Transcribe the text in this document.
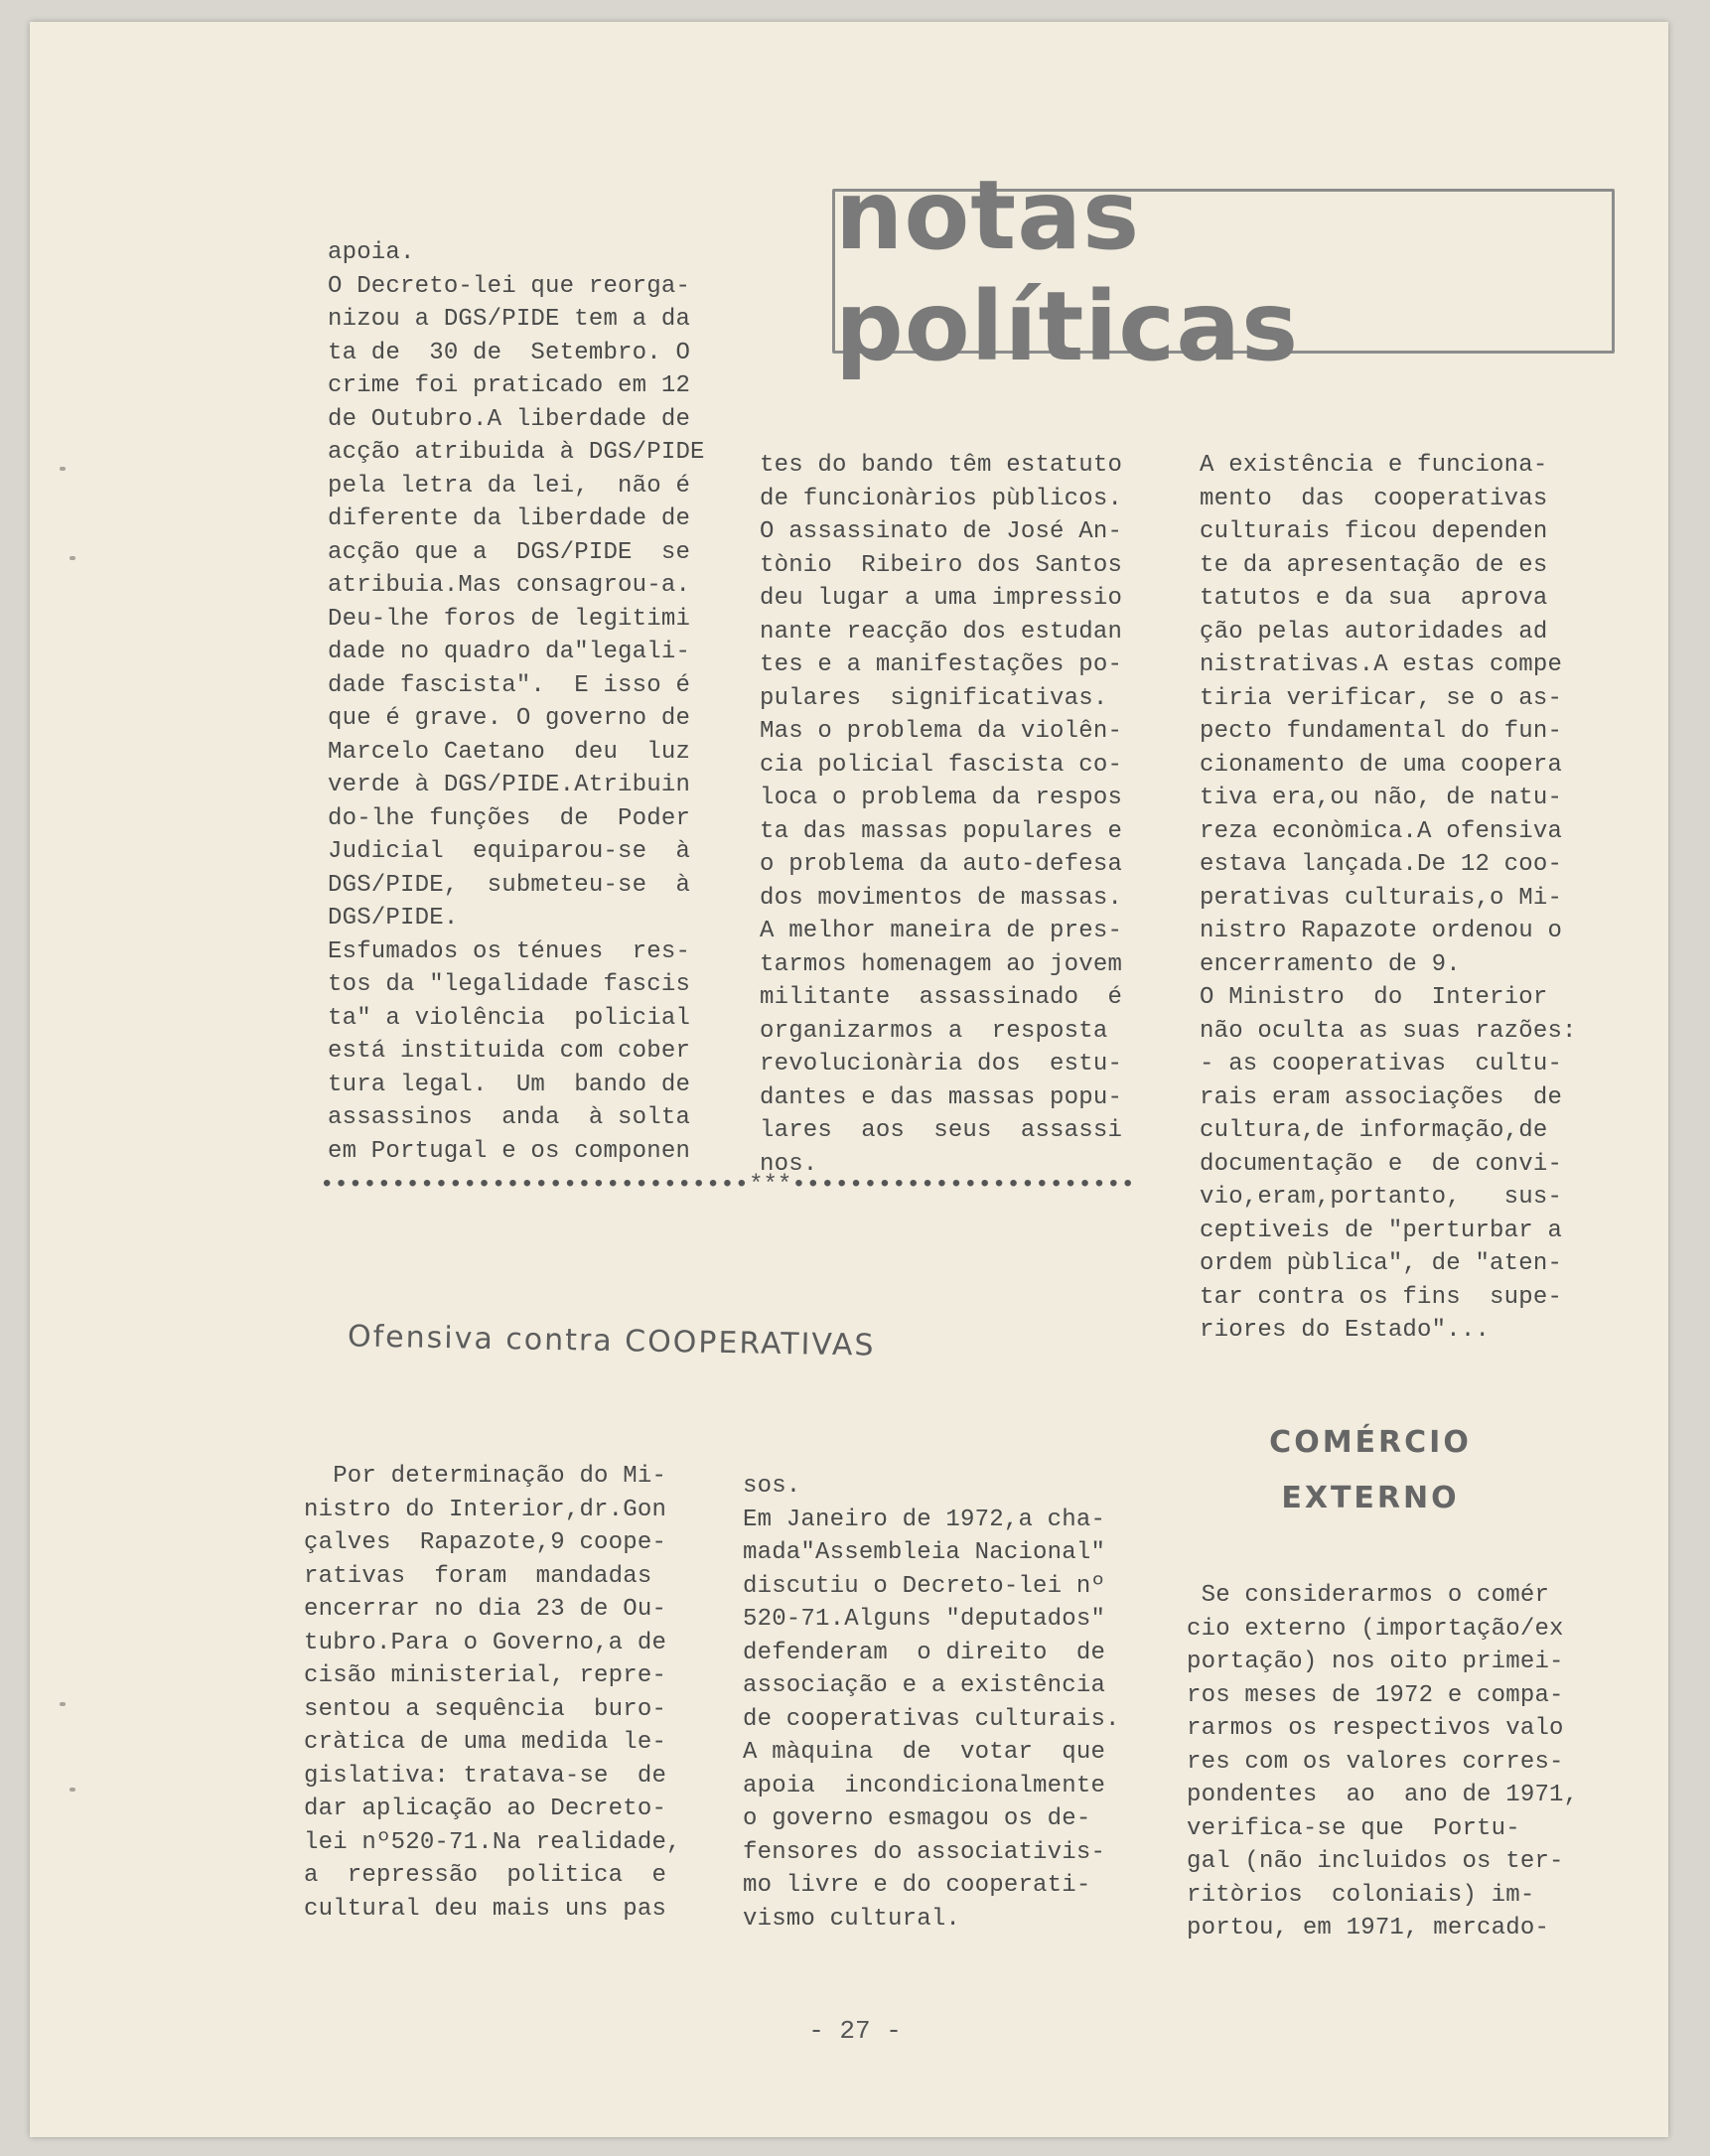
notas políticas
apoia.
O Decreto-lei que reorga-
nizou a DGS/PIDE tem a da
ta de  30 de  Setembro. O
crime foi praticado em 12
de Outubro.A liberdade de
acção atribuida à DGS/PIDE
pela letra da lei,  não é
diferente da liberdade de
acção que a  DGS/PIDE  se
atribuia.Mas consagrou-a.
Deu-lhe foros de legitimi
dade no quadro da"legali-
dade fascista".  E isso é
que é grave. O governo de
Marcelo Caetano  deu  luz
verde à DGS/PIDE.Atribuin
do-lhe funções  de  Poder
Judicial  equiparou-se  à
DGS/PIDE,  submeteu-se  à
DGS/PIDE.
Esfumados os ténues  res-
tos da "legalidade fascis
ta" a violência  policial
está instituida com cober
tura legal.  Um  bando de
assassinos  anda  à solta
em Portugal e os componen
tes do bando têm estatuto
de funcionàrios pùblicos.
O assassinato de José An-
tònio  Ribeiro dos Santos
deu lugar a uma impressio
nante reacção dos estudan
tes e a manifestações po-
pulares  significativas.
Mas o problema da violên-
cia policial fascista co-
loca o problema da respos
ta das massas populares e
o problema da auto-defesa
dos movimentos de massas.
A melhor maneira de pres-
tarmos homenagem ao jovem
militante  assassinado  é
organizarmos a  resposta
revolucionària dos  estu-
dantes e das massas popu-
lares  aos  seus  assassi
nos.
A existência e funciona-
mento  das  cooperativas
culturais ficou dependen
te da apresentação de es
tatutos e da sua  aprova
ção pelas autoridades ad
nistrativas.A estas compe
tiria verificar, se o as-
pecto fundamental do fun-
cionamento de uma coopera
tiva era,ou não, de natu-
reza econòmica.A ofensiva
estava lançada.De 12 coo-
perativas culturais,o Mi-
nistro Rapazote ordenou o
encerramento de 9.
O Ministro  do  Interior
não oculta as suas razões:
- as cooperativas  cultu-
rais eram associações  de
cultura,de informação,de
documentação e  de convi-
vio,eram,portanto,   sus-
ceptiveis de "perturbar a
ordem pùblica", de "aten-
tar contra os fins  supe-
riores do Estado"...
••••••••••••••••••••••••••••••***••••••••••••••••••••••••
Ofensiva contra COOPERATIVAS
Por determinação do Mi-
nistro do Interior,dr.Gon
çalves  Rapazote,9 coope-
rativas  foram  mandadas
encerrar no dia 23 de Ou-
tubro.Para o Governo,a de
cisão ministerial, repre-
sentou a sequência  buro-
cràtica de uma medida le-
gislativa: tratava-se  de
dar aplicação ao Decreto-
lei nº520-71.Na realidade,
a  repressão  politica  e
cultural deu mais uns pas
sos.
Em Janeiro de 1972,a cha-
mada"Assembleia Nacional"
discutiu o Decreto-lei nº
520-71.Alguns "deputados"
defenderam  o direito  de
associação e a existência
de cooperativas culturais.
A màquina  de  votar  que
apoia  incondicionalmente
o governo esmagou os de-
fensores do associativis-
mo livre e do cooperati-
vismo cultural.
COMÉRCIO
EXTERNO
Se considerarmos o comér
cio externo (importação/ex
portação) nos oito primei-
ros meses de 1972 e compa-
rarmos os respectivos valo
res com os valores corres-
pondentes  ao  ano de 1971,
verifica-se que  Portu-
gal (não incluidos os ter-
ritòrios  coloniais) im-
portou, em 1971, mercado-
- 27 -
